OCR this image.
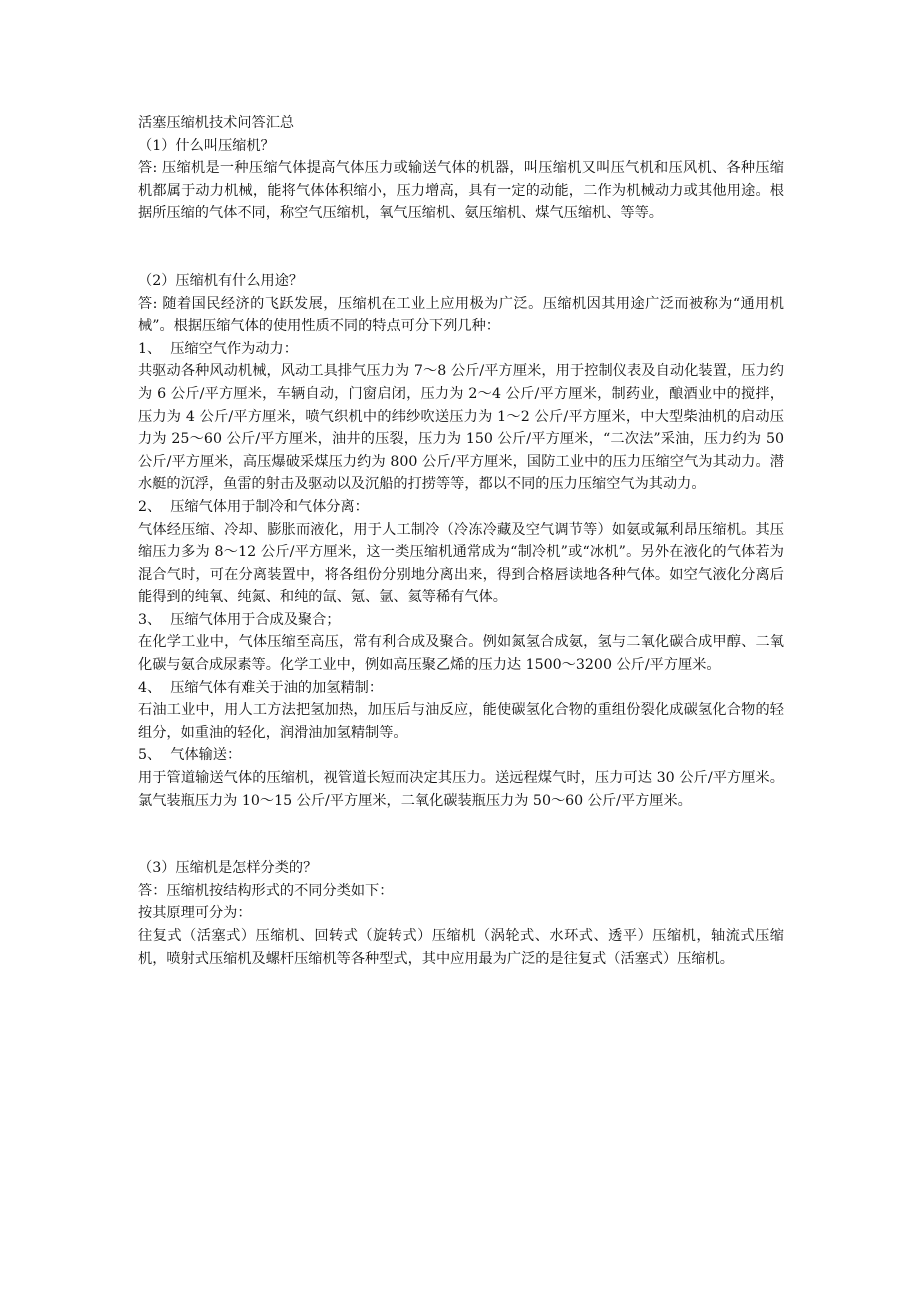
活塞压缩机技术问答汇总

（1）什么叫压缩机？

答: 压缩机是一种压缩气体提高气体压力或输送气体的机器，叫压缩机又叫压气机和压风机、各种压缩机都属于动力机械，能将气体体积缩小，压力增高，具有一定的动能，二作为机械动力或其他用途。根据所压缩的气体不同，称空气压缩机，氧气压缩机、氨压缩机、煤气压缩机、等等。

（2）压缩机有什么用途？

答: 随着国民经济的飞跃发展，压缩机在工业上应用极为广泛。压缩机因其用途广泛而被称为“通用机械”。根据压缩气体的使用性质不同的特点可分下列几种：

1、  压缩空气作为动力：

共驱动各种风动机械，风动工具排气压力为 7～8 公斤/平方厘米，用于控制仪表及自动化装置，压力约为 6 公斤/平方厘米，车辆自动，门窗启闭，压力为 2～4 公斤/平方厘米，制药业，酿酒业中的搅拌，压力为 4 公斤/平方厘米，喷气织机中的纬纱吹送压力为 1～2 公斤/平方厘米，中大型柴油机的启动压力为 25～60 公斤/平方厘米，油井的压裂，压力为 150 公斤/平方厘米，“二次法”采油，压力约为 50 公斤/平方厘米，高压爆破采煤压力约为 800 公斤/平方厘米，国防工业中的压力压缩空气为其动力。潜水艇的沉浮，鱼雷的射击及驱动以及沉船的打捞等等，都以不同的压力压缩空气为其动力。

2、  压缩气体用于制冷和气体分离：

气体经压缩、冷却、膨胀而液化，用于人工制冷（冷冻冷藏及空气调节等）如氨或氟利昂压缩机。其压缩压力多为 8～12 公斤/平方厘米，这一类压缩机通常成为“制冷机”或“冰机”。另外在液化的气体若为混合气时，可在分离装置中，将各组份分别地分离出来，得到合格唇读地各种气体。如空气液化分离后能得到的纯氧、纯氮、和纯的氙、氪、氩、氦等稀有气体。

3、  压缩气体用于合成及聚合；

在化学工业中，气体压缩至高压，常有利合成及聚合。例如氮氢合成氨，氢与二氧化碳合成甲醇、二氧化碳与氨合成尿素等。化学工业中，例如高压聚乙烯的压力达 1500～3200 公斤/平方厘米。

4、  压缩气体有难关于油的加氢精制：

石油工业中，用人工方法把氢加热，加压后与油反应，能使碳氢化合物的重组份裂化成碳氢化合物的轻组分，如重油的轻化，润滑油加氢精制等。

5、  气体输送：

用于管道输送气体的压缩机，视管道长短而决定其压力。送远程煤气时，压力可达 30 公斤/平方厘米。氯气装瓶压力为 10～15 公斤/平方厘米，二氧化碳装瓶压力为 50～60 公斤/平方厘米。

（3）压缩机是怎样分类的？

答：压缩机按结构形式的不同分类如下：

按其原理可分为：

往复式（活塞式）压缩机、回转式（旋转式）压缩机（涡轮式、水环式、透平）压缩机，轴流式压缩机，喷射式压缩机及螺杆压缩机等各种型式，其中应用最为广泛的是往复式（活塞式）压缩机。
